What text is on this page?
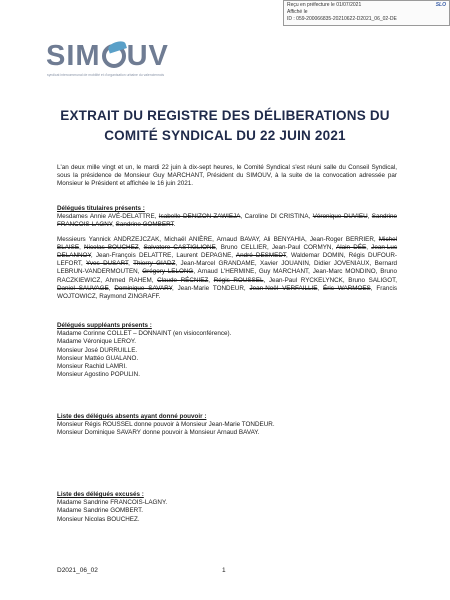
Reçu en préfecture le 01/07/2021	SLO
Affiché le
ID : 059-200066835-20210622-D2021_06_02-DE
SIM UV
syndicat intercommunal de mobilité et d'organisation urbaine du valenciennois
EXTRAIT DU REGISTRE DES DÉLIBERATIONS DU
COMITÉ SYNDICAL DU 22 JUIN 2021
L'an deux mille vingt et un, le mardi 22 juin à dix-sept heures, le Comité Syndical s'est réuni salle du Conseil Syndical, sous la présidence de Monsieur Guy MARCHANT, Président du SIMOUV, à la suite de la convocation adressée par Monsieur le Président et affichée le 16 juin 2021.
Délégués titulaires présents :
Mesdames Annie AVÉ-DELATTRE, Isabelle DENIZON-ZAWIEJA, Caroline DI CRISTINA, Véronique DUVIEU, Sandrine FRANCOIS-LAGNY, Sandrine GOMBERT.
Messieurs Yannick ANDRZEJCZAK, Michaël ANIÈRE, Arnaud BAVAY, Ali BENYAHIA, Jean-Roger BERRIER, Michel BLAISE, Nicolas BOUCHEZ, Salvatore CASTIGLIONE, Bruno CELLIER, Jean-Paul CORMYN, Alain DÉE, Jean-Luc DELANNOY, Jean-François DELATTRE, Laurent DEPAGNE, André DESMEDT, Waldemar DOMIN, Régis DUFOUR-LEFORT, Yves DUSART, Thierry GIADZ, Jean-Marcel GRANDAME, Xavier JOUANIN, Didier JOVENIAUX, Bernard LEBRUN-VANDERMOUTEN, Grégory LELONG, Arnaud L'HERMINE, Guy MARCHANT, Jean-Marc MONDINO, Bruno RACZKIEWICZ, Ahmed RAHEM, Claude RÉCNIEZ, Régis ROUSSEL, Jean-Paul RYCKELYNCK, Bruno SALIGOT, Daniel SAUVAGE, Dominique SAVARY, Jean-Marie TONDEUR, Jean-Noël VERFAILLIE, Éric WARMOES, Francis WOJTOWICZ, Raymond ZINGRAFF.
Délégués suppléants présents :
Madame Corinne COLLET – DONNAINT (en visioconférence).
Madame Véronique LEROY.
Monsieur José DURRUILLE.
Monsieur Mattéo GUALANO.
Monsieur Rachid LAMRI.
Monsieur Agostino POPULIN.
Liste des délégués absents ayant donné pouvoir :
Monsieur Régis ROUSSEL donne pouvoir à Monsieur Jean-Marie TONDEUR.
Monsieur Dominique SAVARY donne pouvoir à Monsieur Arnaud BAVAY.
Liste des délégués excusés :
Madame Sandrine FRANCOIS-LAGNY.
Madame Sandrine GOMBERT.
Monsieur Nicolas BOUCHEZ.
D2021_06_02	1
